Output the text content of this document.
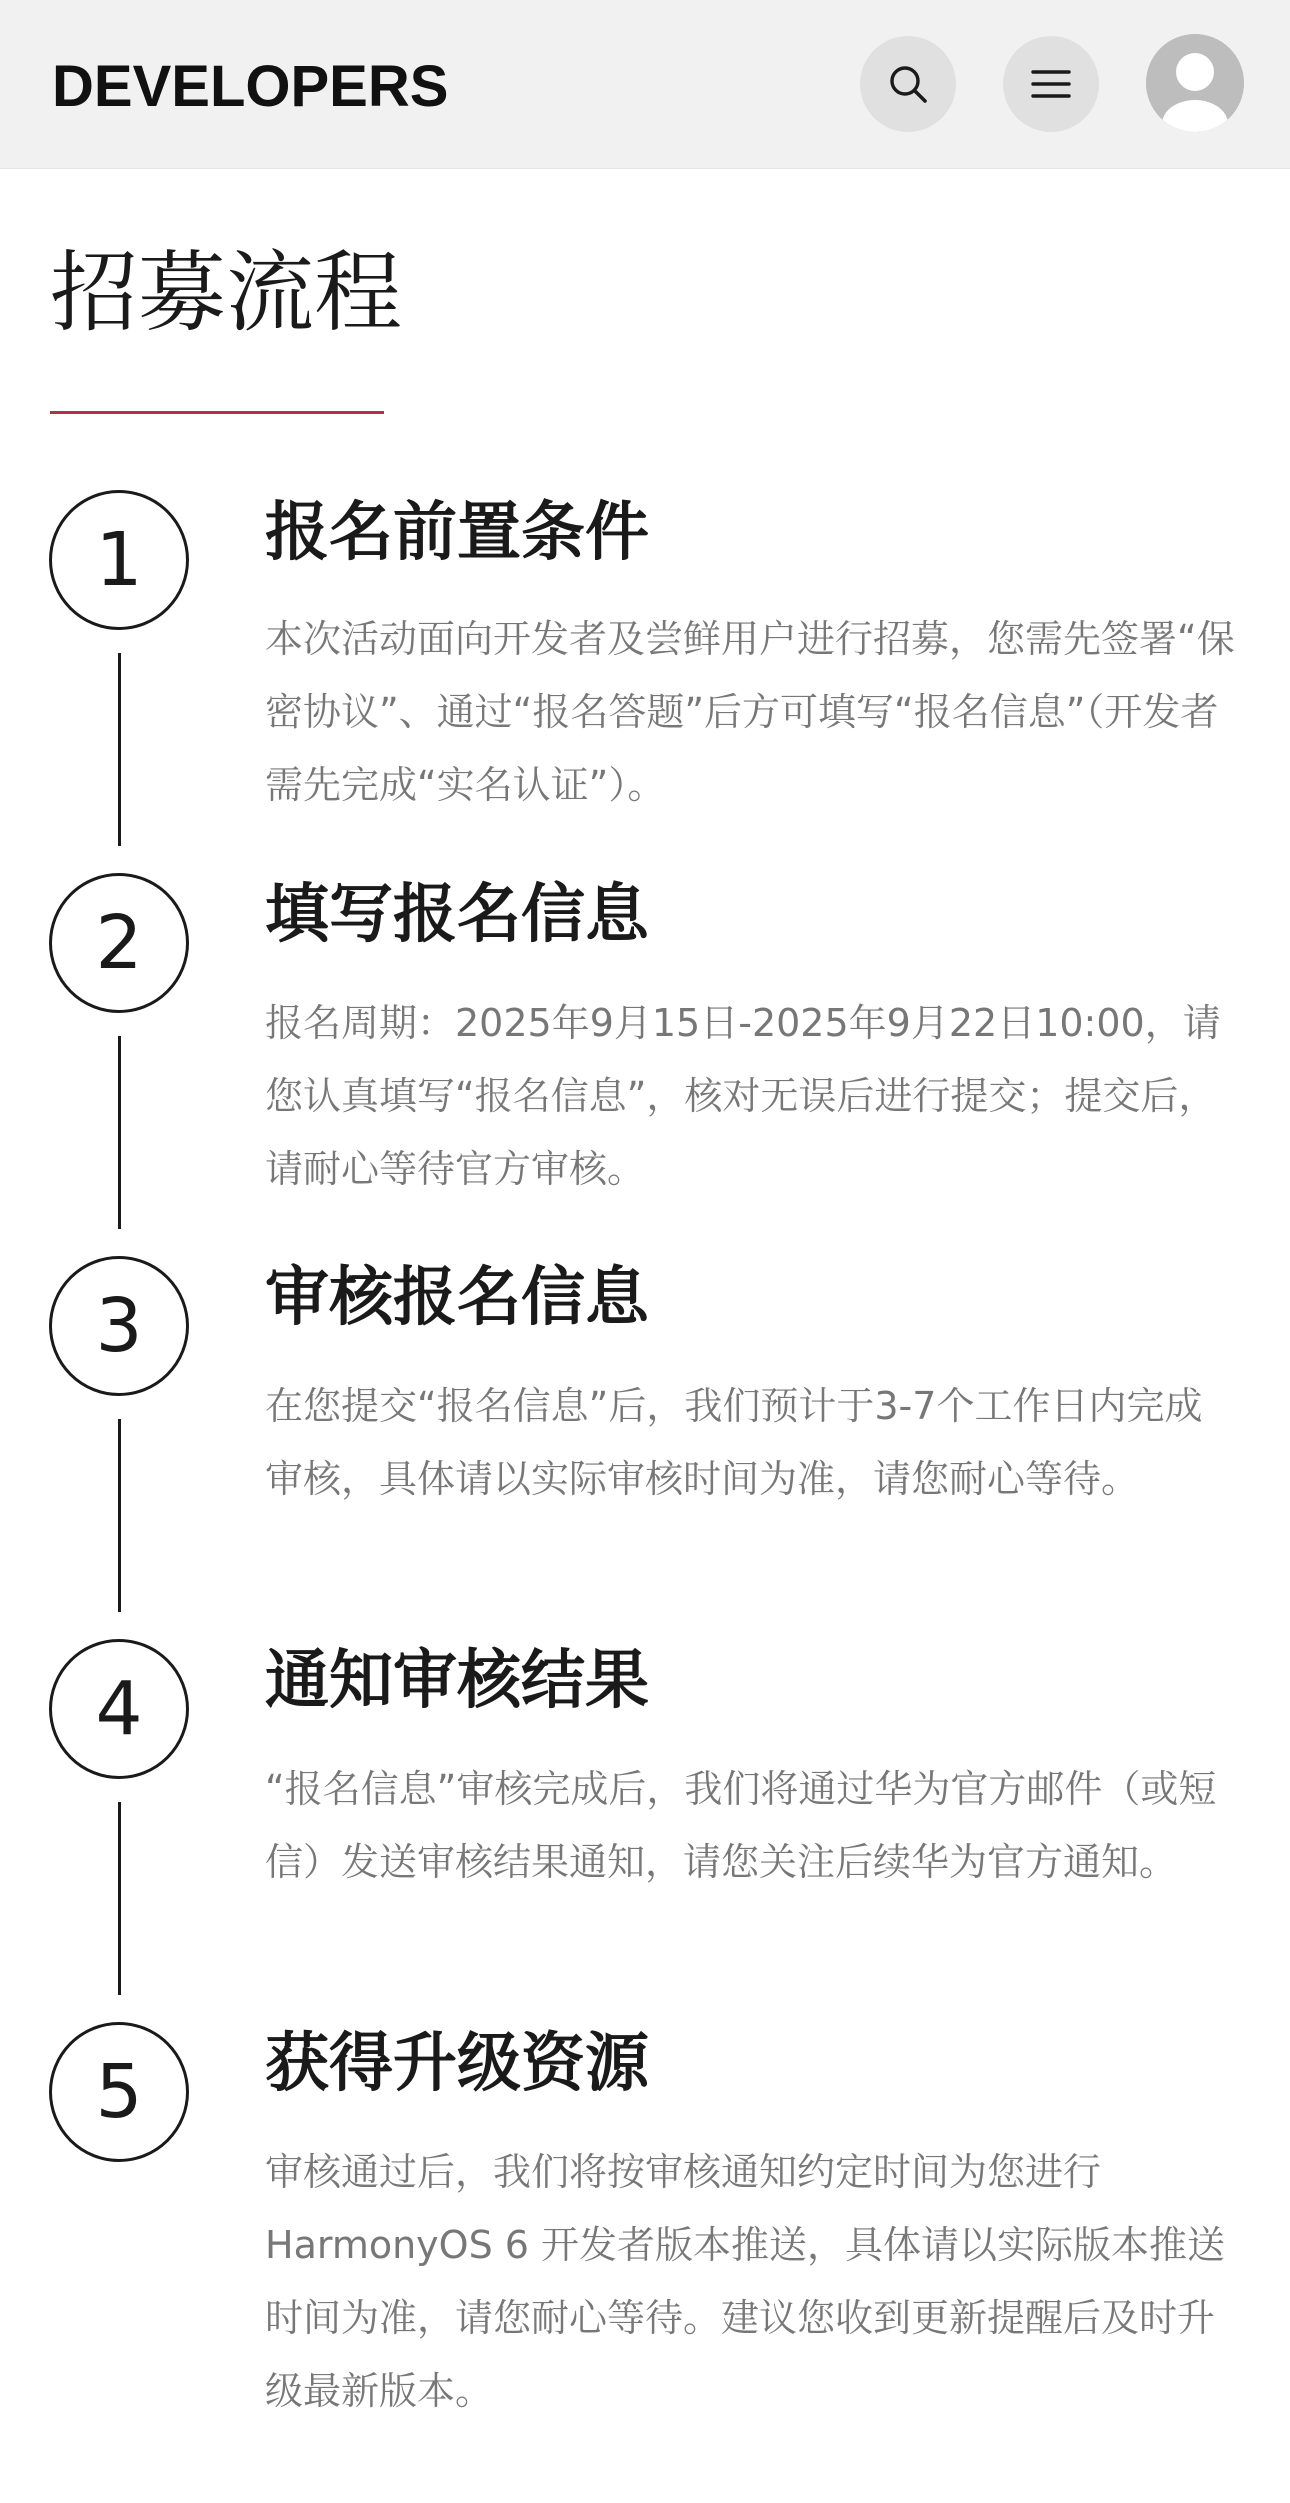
DEVELOPERS
招募流程
1 报名前置条件
本次活动面向开发者及尝鲜用户进行招募，您需先签署“保密协议”、通过“报名答题”后方可填写“报名信息”（开发者需先完成“实名认证”）。
2 填写报名信息
报名周期：2025年9月15日-2025年9月22日10:00，请您认真填写“报名信息”，核对无误后进行提交；提交后，请耐心等待官方审核。
3 审核报名信息
在您提交“报名信息”后，我们预计于3-7个工作日内完成审核，具体请以实际审核时间为准，请您耐心等待。
4 通知审核结果
“报名信息”审核完成后，我们将通过华为官方邮件（或短信）发送审核结果通知，请您关注后续华为官方通知。
5 获得升级资源
审核通过后，我们将按审核通知约定时间为您进行HarmonyOS 6 开发者版本推送，具体请以实际版本推送时间为准，请您耐心等待。建议您收到更新提醒后及时升级最新版本。
